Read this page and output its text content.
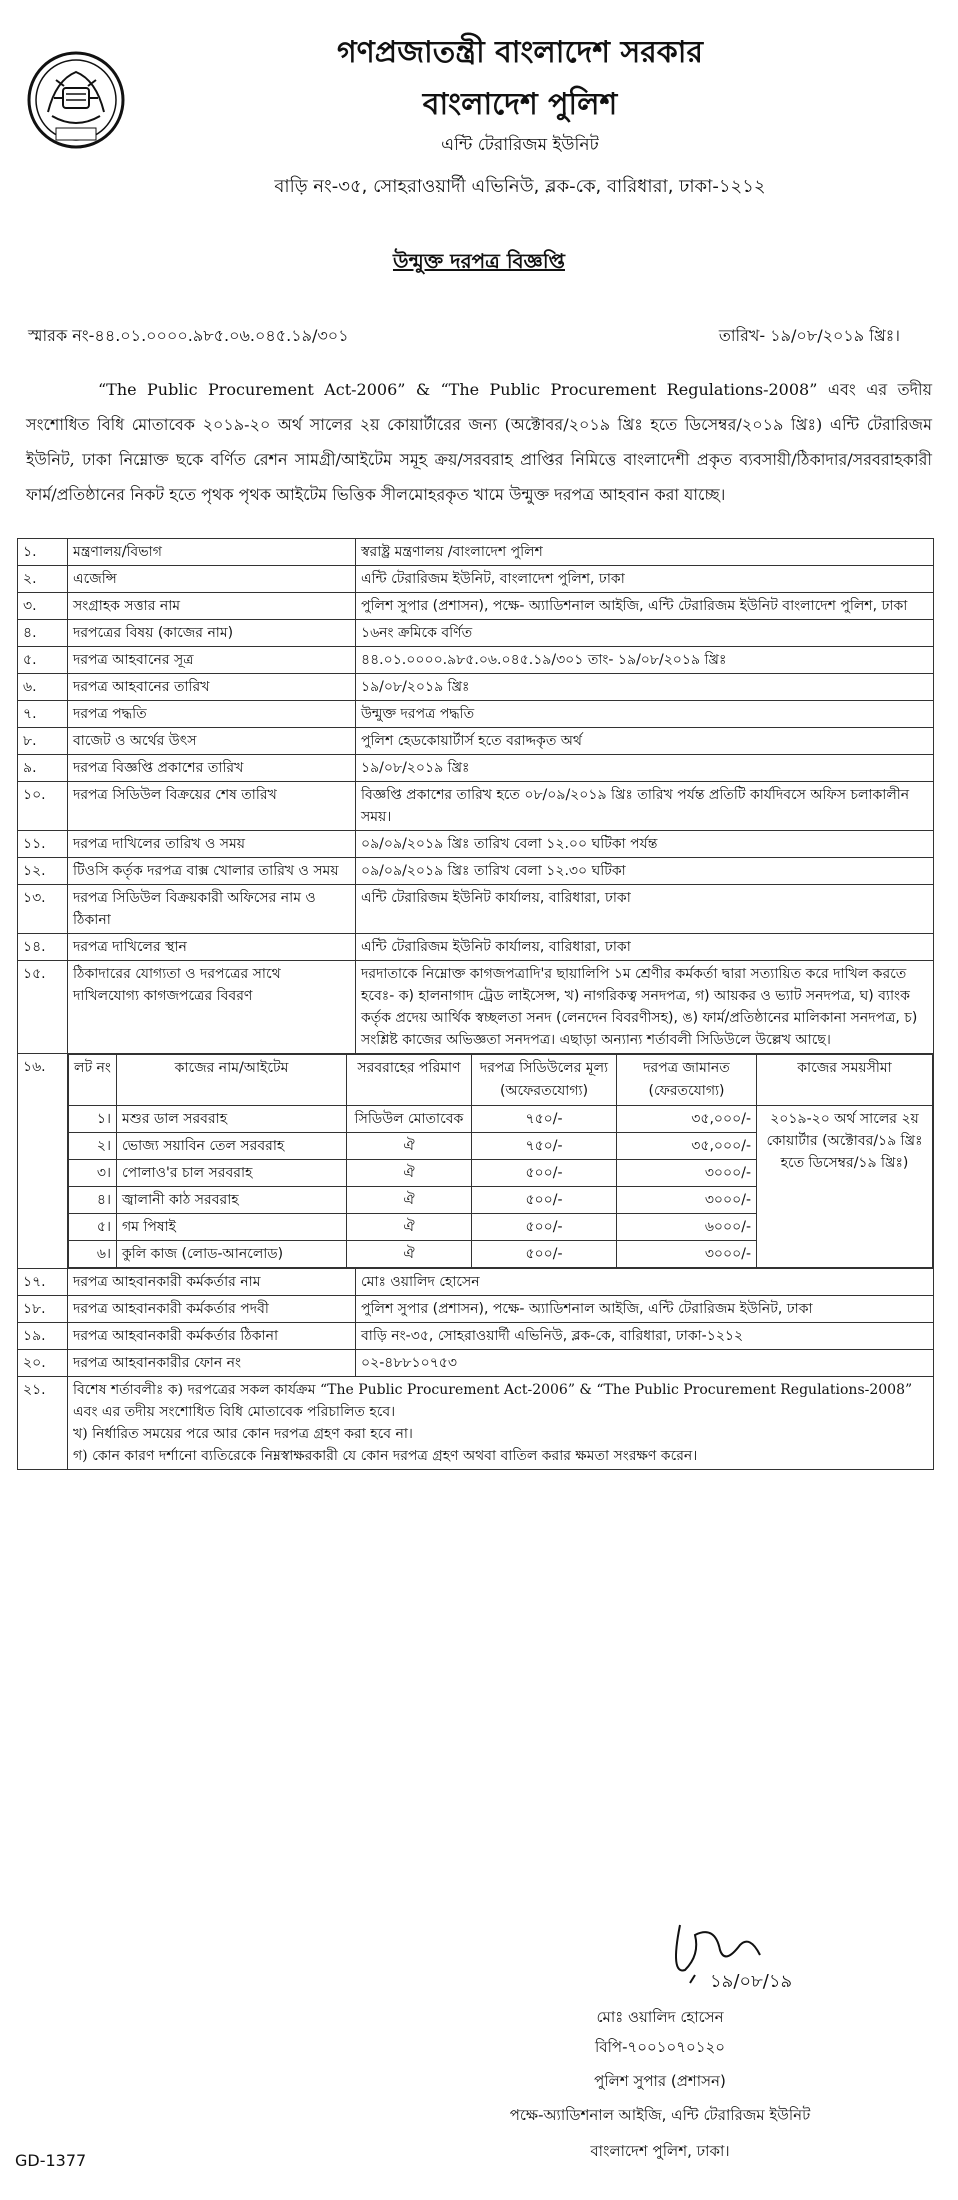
গণপ্রজাতন্ত্রী বাংলাদেশ সরকার
বাংলাদেশ পুলিশ
এন্টি টেরারিজম ইউনিট
বাড়ি নং-৩৫, সোহরাওয়ার্দী এভিনিউ, ব্লক-কে, বারিধারা, ঢাকা-১২১২
উন্মুক্ত দরপত্র বিজ্ঞপ্তি
স্মারক নং-৪৪.০১.০০০০.৯৮৫.০৬.০৪৫.১৯/৩০১	তারিখ- ১৯/০৮/২০১৯ খ্রিঃ।
“The Public Procurement Act-2006” & “The Public Procurement Regulations-2008” এবং এর তদীয় সংশোধিত বিধি মোতাবেক ২০১৯-২০ অর্থ সালের ২য় কোয়ার্টারের জন্য (অক্টোবর/২০১৯ খ্রিঃ হতে ডিসেম্বর/২০১৯ খ্রিঃ) এন্টি টেরারিজম ইউনিট, ঢাকা নিম্নোক্ত ছকে বর্ণিত রেশন সামগ্রী/আইটেম সমূহ ক্রয়/সরবরাহ প্রাপ্তির নিমিত্তে বাংলাদেশী প্রকৃত ব্যবসায়ী/ঠিকাদার/সরবরাহকারী ফার্ম/প্রতিষ্ঠানের নিকট হতে পৃথক পৃথক আইটেম ভিত্তিক সীলমোহরকৃত খামে উন্মুক্ত দরপত্র আহবান করা যাচ্ছে।
১.	মন্ত্রণালয়/বিভাগ	স্বরাষ্ট্র মন্ত্রণালয় /বাংলাদেশ পুলিশ
২.	এজেন্সি	এন্টি টেরারিজম ইউনিট, বাংলাদেশ পুলিশ, ঢাকা
৩.	সংগ্রাহক সত্তার নাম	পুলিশ সুপার (প্রশাসন), পক্ষে- অ্যাডিশনাল আইজি, এন্টি টেরারিজম ইউনিট বাংলাদেশ পুলিশ, ঢাকা
৪.	দরপত্রের বিষয় (কাজের নাম)	১৬নং ক্রমিকে বর্ণিত
৫.	দরপত্র আহবানের সূত্র	৪৪.০১.০০০০.৯৮৫.০৬.০৪৫.১৯/৩০১ তাং- ১৯/০৮/২০১৯ খ্রিঃ
৬.	দরপত্র আহবানের তারিখ	১৯/০৮/২০১৯ খ্রিঃ
৭.	দরপত্র পদ্ধতি	উন্মুক্ত দরপত্র পদ্ধতি
৮.	বাজেট ও অর্থের উৎস	পুলিশ হেডকোয়ার্টার্স হতে বরাদ্দকৃত অর্থ
৯.	দরপত্র বিজ্ঞপ্তি প্রকাশের তারিখ	১৯/০৮/২০১৯ খ্রিঃ
১০.	দরপত্র সিডিউল বিক্রয়ের শেষ তারিখ	বিজ্ঞপ্তি প্রকাশের তারিখ হতে ০৮/০৯/২০১৯ খ্রিঃ তারিখ পর্যন্ত প্রতিটি কার্যদিবসে অফিস চলাকালীন সময়।
১১.	দরপত্র দাখিলের তারিখ ও সময়	০৯/০৯/২০১৯ খ্রিঃ তারিখ বেলা ১২.০০ ঘটিকা পর্যন্ত
১২.	টিওসি কর্তৃক দরপত্র বাক্স খোলার তারিখ ও সময়	০৯/০৯/২০১৯ খ্রিঃ তারিখ বেলা ১২.৩০ ঘটিকা
১৩.	দরপত্র সিডিউল বিক্রয়কারী অফিসের নাম ও ঠিকানা	এন্টি টেরারিজম ইউনিট কার্যালয়, বারিধারা, ঢাকা
১৪.	দরপত্র দাখিলের স্থান	এন্টি টেরারিজম ইউনিট কার্যালয়, বারিধারা, ঢাকা
১৫.	ঠিকাদারের যোগ্যতা ও দরপত্রের সাথে দাখিলযোগ্য কাগজপত্রের বিবরণ	দরদাতাকে নিম্নোক্ত কাগজপত্রাদি'র ছায়ালিপি ১ম শ্রেণীর কর্মকর্তা দ্বারা সত্যায়িত করে দাখিল করতে হবেঃ- ক) হালনাগাদ ট্রেড লাইসেন্স, খ) নাগরিকত্ব সনদপত্র, গ) আয়কর ও ভ্যাট সনদপত্র, ঘ) ব্যাংক কর্তৃক প্রদেয় আর্থিক স্বচ্ছলতা সনদ (লেনদেন বিবরণীসহ), ঙ) ফার্ম/প্রতিষ্ঠানের মালিকানা সনদপত্র, চ) সংশ্লিষ্ট কাজের অভিজ্ঞতা সনদপত্র। এছাড়া অন্যান্য শর্তাবলী সিডিউলে উল্লেখ আছে।
১৬.	লট নং	কাজের নাম/আইটেম	সরবরাহের পরিমাণ	দরপত্র সিডিউলের মূল্য (অফেরতযোগ্য)	দরপত্র জামানত (ফেরতযোগ্য)	কাজের সময়সীমা
১।	মশুর ডাল সরবরাহ	সিডিউল মোতাবেক	৭৫০/-	৩৫,০০০/-	২০১৯-২০ অর্থ সালের ২য় কোয়ার্টার (অক্টোবর/১৯ খ্রিঃ হতে ডিসেম্বর/১৯ খ্রিঃ)
২।	ভোজ্য সয়াবিন তেল সরবরাহ	ঐ	৭৫০/-	৩৫,০০০/-
৩।	পোলাও'র চাল সরবরাহ	ঐ	৫০০/-	৩০০০/-
৪।	জ্বালানী কাঠ সরবরাহ	ঐ	৫০০/-	৩০০০/-
৫।	গম পিষাই	ঐ	৫০০/-	৬০০০/-
৬।	কুলি কাজ (লোড-আনলোড)	ঐ	৫০০/-	৩০০০/-

১৭.	দরপত্র আহবানকারী কর্মকর্তার নাম	মোঃ ওয়ালিদ হোসেন
১৮.	দরপত্র আহবানকারী কর্মকর্তার পদবী	পুলিশ সুপার (প্রশাসন), পক্ষে- অ্যাডিশনাল আইজি, এন্টি টেরারিজম ইউনিট, ঢাকা
১৯.	দরপত্র আহবানকারী কর্মকর্তার ঠিকানা	বাড়ি নং-৩৫, সোহরাওয়ার্দী এভিনিউ, ব্লক-কে, বারিধারা, ঢাকা-১২১২
২০.	দরপত্র আহবানকারীর ফোন নং	০২-৪৮৮১০৭৫৩
২১.	বিশেষ শর্তাবলীঃ ক) দরপত্রের সকল কার্যক্রম “The Public Procurement Act-2006” & “The Public Procurement Regulations-2008” এবং এর তদীয় সংশোধিত বিধি মোতাবেক পরিচালিত হবে।
খ) নির্ধারিত সময়ের পরে আর কোন দরপত্র গ্রহণ করা হবে না।
গ) কোন কারণ দর্শানো ব্যতিরেকে নিম্নস্বাক্ষরকারী যে কোন দরপত্র গ্রহণ অথবা বাতিল করার ক্ষমতা সংরক্ষণ করেন।
১৯/০৮/১৯
মোঃ ওয়ালিদ হোসেন
বিপি-৭০০১০৭০১২০
পুলিশ সুপার (প্রশাসন)
পক্ষে-অ্যাডিশনাল আইজি, এন্টি টেরারিজম ইউনিট
বাংলাদেশ পুলিশ, ঢাকা।
GD-1377
